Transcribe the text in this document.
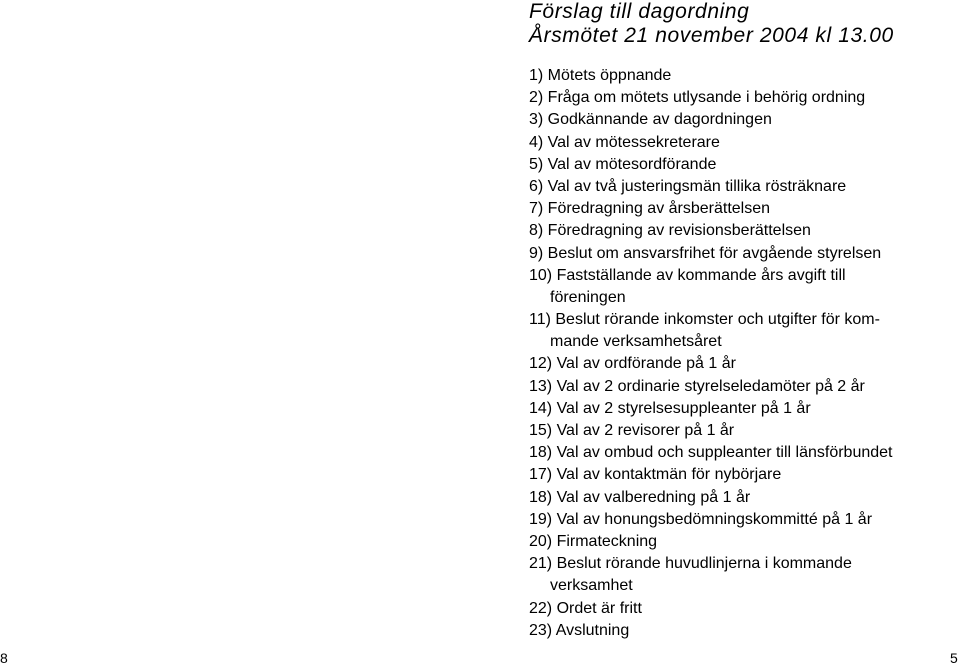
Förslag till dagordning
Årsmötet 21 november 2004 kl 13.00
1) Mötets öppnande
2) Fråga om mötets utlysande i behörig ordning
3) Godkännande av dagordningen
4) Val av mötessekreterare
5) Val av mötesordförande
6) Val av två justeringsmän tillika rösträknare
7) Föredragning av årsberättelsen
8) Föredragning av revisionsberättelsen
9) Beslut om ansvarsfrihet för avgående styrelsen
10) Fastställande av kommande års avgift till
föreningen
11) Beslut rörande inkomster och utgifter för kom-
mande verksamhetsåret
12) Val av ordförande på 1 år
13) Val av 2 ordinarie styrelseledamöter på 2 år
14) Val av 2 styrelsesuppleanter på 1 år
15) Val av 2 revisorer på 1 år
18) Val av ombud och suppleanter till länsförbundet
17) Val av kontaktmän för nybörjare
18) Val av valberedning på 1 år
19) Val av honungsbedömningskommitté på 1 år
20) Firmateckning
21) Beslut rörande huvudlinjerna i kommande
verksamhet
22) Ordet är fritt
23) Avslutning
8	5
